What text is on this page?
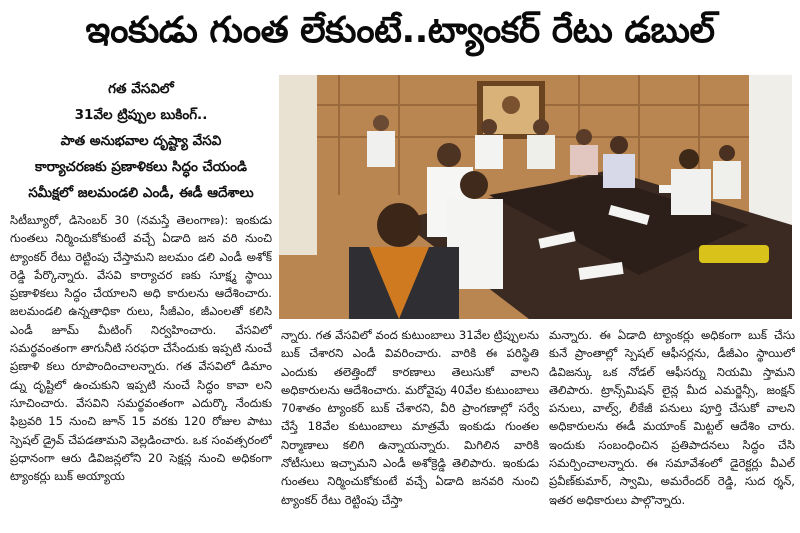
ఇంకుడు గుంత లేకుంటే..ట్యాంకర్ రేటు డబుల్
గత వేసవిలో
31వేల ట్రిప్పుల బుకింగ్..
పాత అనుభవాల దృష్ట్యా వేసవి
కార్యాచరణకు ప్రణాళికలు సిద్ధం చేయండి
సమీక్షలో జలమండలి ఎండీ, ఈడీ ఆదేశాలు
సిటీబ్యూరో, డిసెంబర్ 30 (నమస్తే తెలంగాణ): ఇంకుడు గుంతలు నిర్మించుకోకుంటే వచ్చే ఏడాది జన వరి నుంచి ట్యాంకర్ రేటు రెట్టింపు చేస్తామని జలమం డలి ఎండీ అశోక్ రెడ్డి పేర్కొన్నారు. వేసవి కార్యాచర ణకు సూక్ష్మ స్థాయి ప్రణాళికలు సిద్ధం చేయాలని అధి కారులను ఆదేశించారు. జలమండలి ఉన్నతాధికా రులు, సీజీఎం, జీఎంలతో కలిసి ఎండీ జూమ్ మీటింగ్ నిర్వహించారు. వేసవిలో సమర్థవంతంగా తాగునీటి సరఫరా చేసేందుకు ఇప్పటి నుంచే ప్రణాళి కలు రూపొందించాలన్నారు. గత వేసవిలో డిమాం డ్ను దృష్టిలో ఉంచుకుని ఇప్పటి నుంచే సిద్ధం కావా లని సూచించారు. వేసవిని సమర్థవంతంగా ఎదుర్కొ నేందుకు ఫిబ్రవరి 15 నుంచి జూన్ 15 వరకు 120 రోజుల పాటు స్పెషల్ డ్రైవ్ చేపడతామని వెల్లడించారు. ఒక సంవత్సరంలో ప్రధానంగా ఆరు డివిజన్లలోని 20 సెక్షన్ల నుంచి అధికంగా ట్యాంకర్లు బుక్ అయ్యాయ
న్నారు. గత వేసవిలో వంద కుటుంబాలు 31వేల ట్రిప్పులను బుక్ చేశారని ఎండీ వివరించారు. వారికి ఈ పరిస్థితి ఎందుకు తలెత్తిందో కారణాలు తెలుసుకో వాలని అధికారులను ఆదేశించారు. మరోవైపు 40వేల కుటుంబాలు 70శాతం ట్యాంకర్ బుక్ చేశారని, వీరి ప్రాంగణాల్లో సర్వే చేస్తే 18వేల కుటుంబాలు మాత్రమే ఇంకుడు గుంతల నిర్మాణాలు కలిగి ఉన్నాయన్నారు. మిగిలిన వారికి నోటీసులు ఇచ్చామని ఎండీ అశోక్రెడ్డి తెలిపారు. ఇంకుడు గుంతలు నిర్మించుకోకుంటే వచ్చే ఏడాది జనవరి నుంచి ట్యాంకర్ రేటు రెట్టింపు చేస్తా
మన్నారు. ఈ ఏడాది ట్యాంకర్లు అధికంగా బుక్ చేసు కునే ప్రాంతాల్లో స్పెషల్ ఆఫీసర్లను, డీజీఎం స్థాయిలో డివిజన్కు ఒక నోడల్ ఆఫీసర్ను నియమి స్తామని తెలిపారు. ట్రాన్స్‌మిషన్ లైన్ల మీద ఎమర్జెన్సీ, జంక్షన్ పనులు, వాల్వ్, లీకేజీ పనులు పూర్తి చేసుకో వాలని అధికారులను ఈడీ మయాంక్ మిట్టల్ ఆదేశిం చారు. ఇందుకు సంబంధించిన ప్రతిపాదనలు సిద్ధం చేసి సమర్పించాలన్నారు. ఈ సమావేశంలో డైరెక్టర్లు వీఎల్ ప్రవీణ్‌కుమార్, స్వామి, అమరేందర్ రెడ్డి, సుద ర్శన్, ఇతర అధికారులు పాల్గొన్నారు.
